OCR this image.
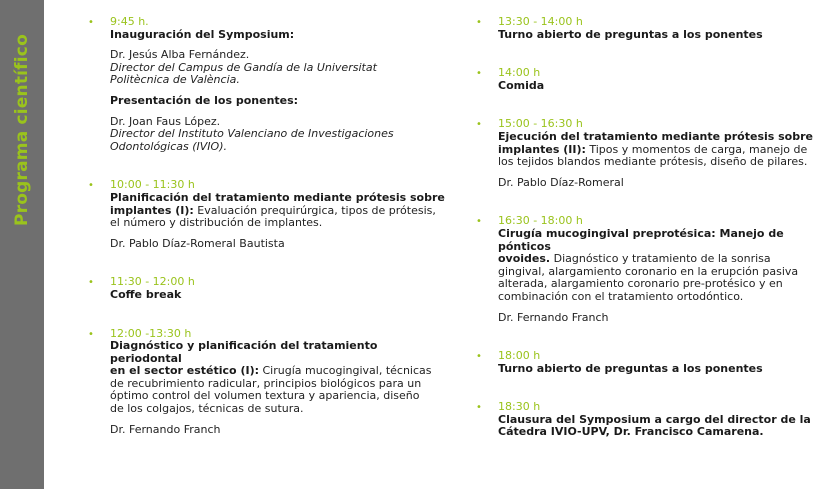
Programa científico
• 9:45 h.

Inauguración del Symposium:

Dr. Jesús Alba Fernández.

Director del Campus de Gandía de la Universitat

Politècnica de València.

Presentación de los ponentes:

Dr. Joan Faus López.

Director del Instituto Valenciano de Investigaciones

Odontológicas (IVIO).

• 10:00 - 11:30 h

Planificación del tratamiento mediante prótesis sobre

implantes (I): Evaluación prequirúrgica, tipos de prótesis,

el número y distribución de implantes.

Dr. Pablo Díaz-Romeral Bautista

• 11:30 - 12:00 h

Coffe break

• 12:00 -13:30 h

Diagnóstico y planificación del tratamiento periodontal

en el sector estético (I): Cirugía mucogingival, técnicas

de recubrimiento radicular, principios biológicos para un

óptimo control del volumen textura y apariencia, diseño

de los colgajos, técnicas de sutura.

Dr. Fernando Franch

• 13:30 - 14:00 h

Turno abierto de preguntas a los ponentes

• 14:00 h

Comida

• 15:00 - 16:30 h

Ejecución del tratamiento mediante prótesis sobre

implantes (II): Tipos y momentos de carga, manejo de

los tejidos blandos mediante prótesis, diseño de pilares.

Dr. Pablo Díaz-Romeral

• 16:30 - 18:00 h

Cirugía mucogingival preprotésica: Manejo de pónticos

ovoides. Diagnóstico y tratamiento de la sonrisa

gingival, alargamiento coronario en la erupción pasiva

alterada, alargamiento coronario pre-protésico y en

combinación con el tratamiento ortodóntico.

Dr. Fernando Franch

• 18:00 h

Turno abierto de preguntas a los ponentes

• 18:30 h

Clausura del Symposium a cargo del director de la

Cátedra IVIO-UPV, Dr. Francisco Camarena.
